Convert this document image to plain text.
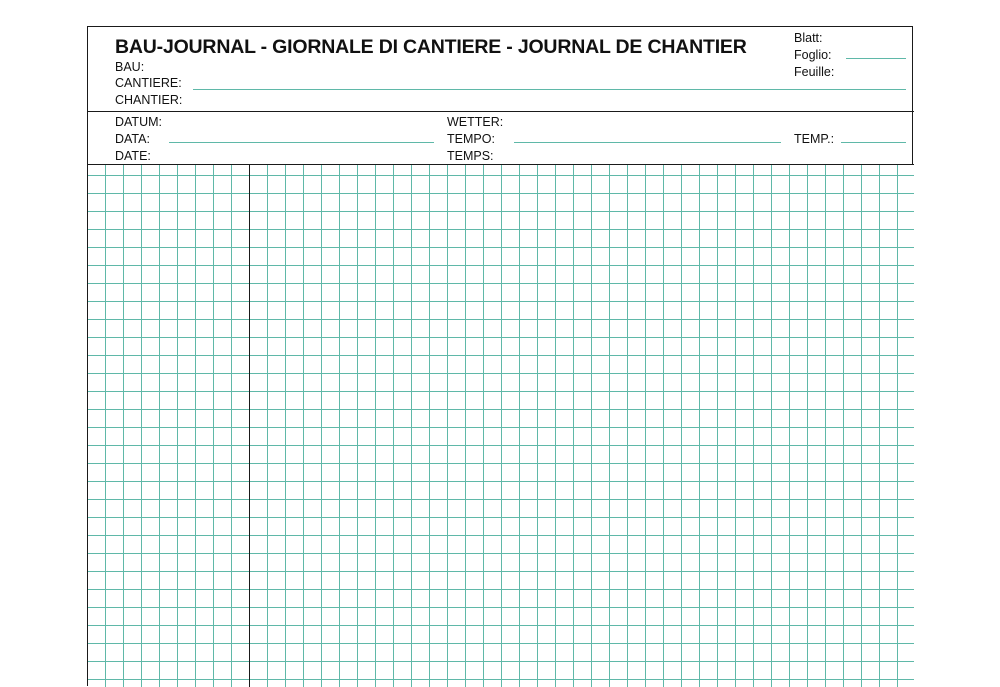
BAU-JOURNAL - GIORNALE DI CANTIERE - JOURNAL DE CHANTIER
BAU:
CANTIERE:
CHANTIER:
Blatt:
Foglio:
Feuille:
DATUM:
DATA:
DATE:
WETTER:
TEMPO:
TEMPS:
TEMP.:
